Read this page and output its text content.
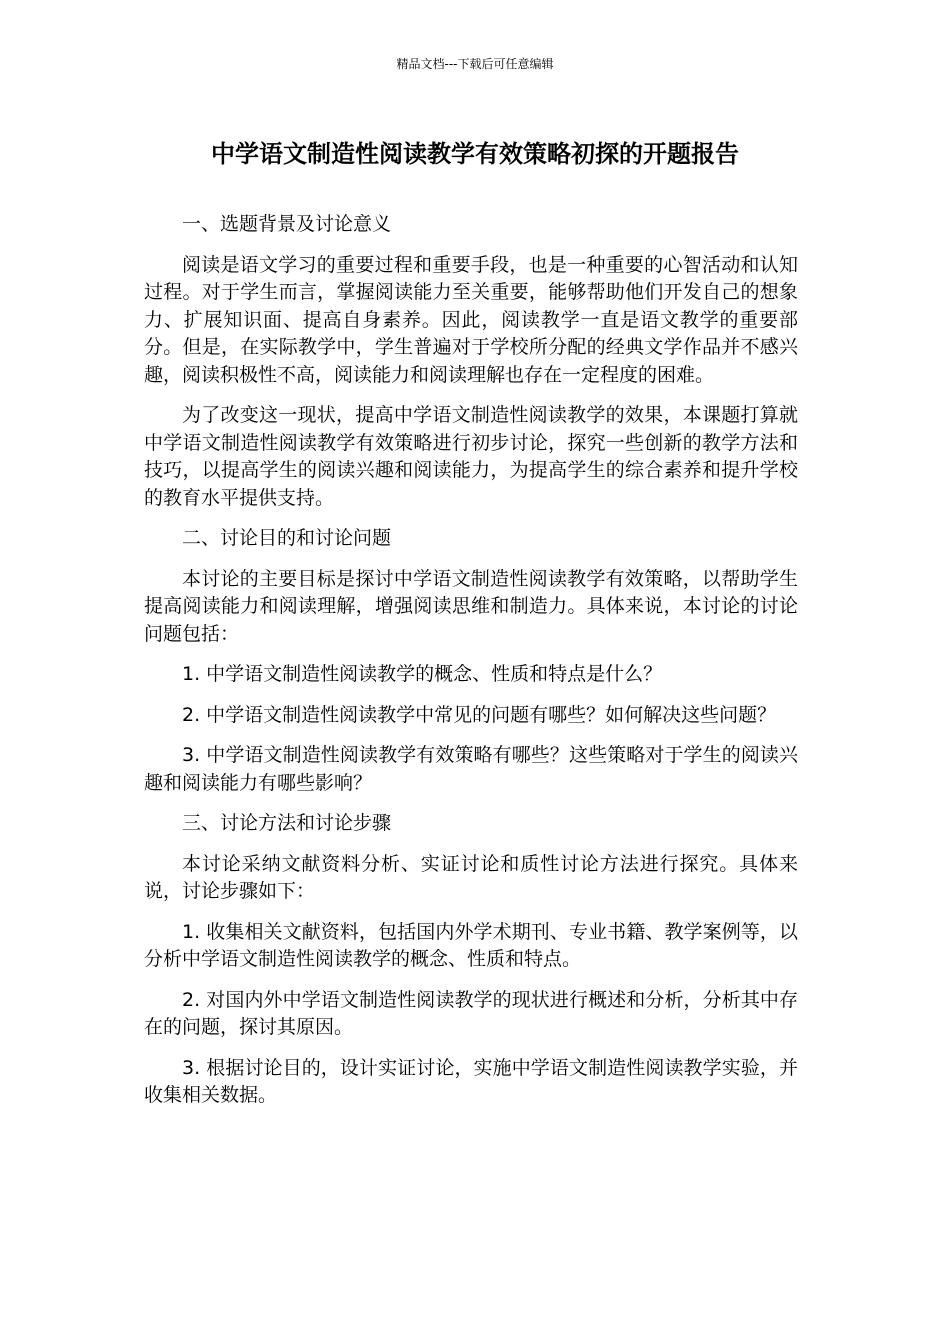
精品文档---下载后可任意编辑
中学语文制造性阅读教学有效策略初探的开题报告

一、选题背景及讨论意义

阅读是语文学习的重要过程和重要手段，也是一种重要的心智活动和认知过程。对于学生而言，掌握阅读能力至关重要，能够帮助他们开发自己的想象力、扩展知识面、提高自身素养。因此，阅读教学一直是语文教学的重要部分。但是，在实际教学中，学生普遍对于学校所分配的经典文学作品并不感兴趣，阅读积极性不高，阅读能力和阅读理解也存在一定程度的困难。

为了改变这一现状，提高中学语文制造性阅读教学的效果，本课题打算就中学语文制造性阅读教学有效策略进行初步讨论，探究一些创新的教学方法和技巧，以提高学生的阅读兴趣和阅读能力，为提高学生的综合素养和提升学校的教育水平提供支持。

二、讨论目的和讨论问题

本讨论的主要目标是探讨中学语文制造性阅读教学有效策略，以帮助学生提高阅读能力和阅读理解，增强阅读思维和制造力。具体来说，本讨论的讨论问题包括：

1. 中学语文制造性阅读教学的概念、性质和特点是什么？

2. 中学语文制造性阅读教学中常见的问题有哪些？如何解决这些问题？

3. 中学语文制造性阅读教学有效策略有哪些？这些策略对于学生的阅读兴趣和阅读能力有哪些影响？

三、讨论方法和讨论步骤

本讨论采纳文献资料分析、实证讨论和质性讨论方法进行探究。具体来说，讨论步骤如下：

1. 收集相关文献资料，包括国内外学术期刊、专业书籍、教学案例等，以分析中学语文制造性阅读教学的概念、性质和特点。

2. 对国内外中学语文制造性阅读教学的现状进行概述和分析，分析其中存在的问题，探讨其原因。

3. 根据讨论目的，设计实证讨论，实施中学语文制造性阅读教学实验，并收集相关数据。
